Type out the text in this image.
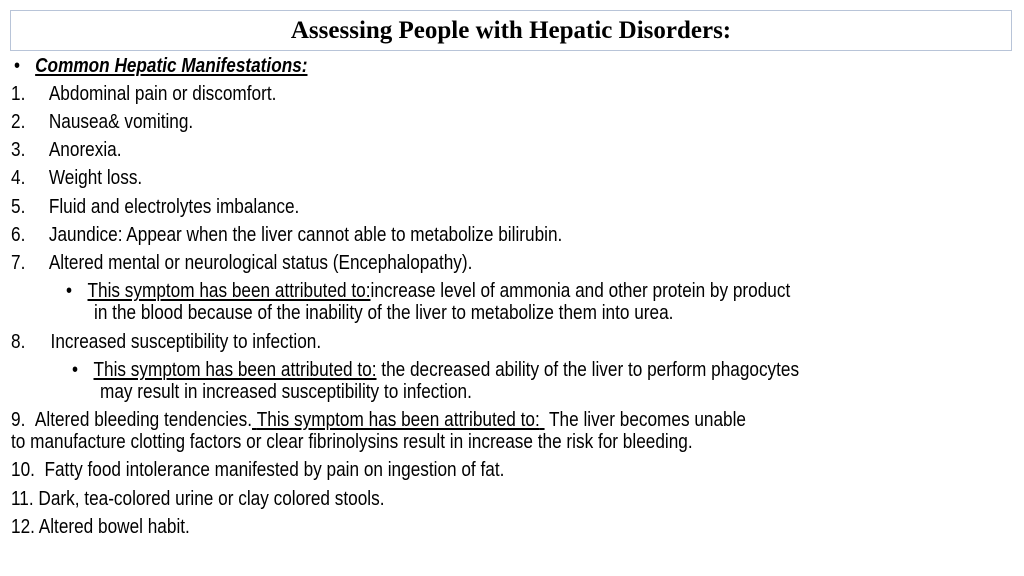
Assessing People with Hepatic Disorders:
• Common Hepatic Manifestations:
1. Abdominal pain or discomfort.
2. Nausea& vomiting.
3. Anorexia.
4. Weight loss.
5. Fluid and electrolytes imbalance.
6. Jaundice: Appear when the liver cannot able to metabolize bilirubin.
7. Altered mental or neurological status (Encephalopathy).
• This symptom has been attributed to:increase level of ammonia and other protein by product
in the blood because of the inability of the liver to metabolize them into urea.
8. Increased susceptibility to infection.
• This symptom has been attributed to: the decreased ability of the liver to perform phagocytes
may result in increased susceptibility to infection.
9. Altered bleeding tendencies. This symptom has been attributed to: The liver becomes unable
to manufacture clotting factors or clear fibrinolysins result in increase the risk for bleeding.
10. Fatty food intolerance manifested by pain on ingestion of fat.
11. Dark, tea-colored urine or clay colored stools.
12. Altered bowel habit.
